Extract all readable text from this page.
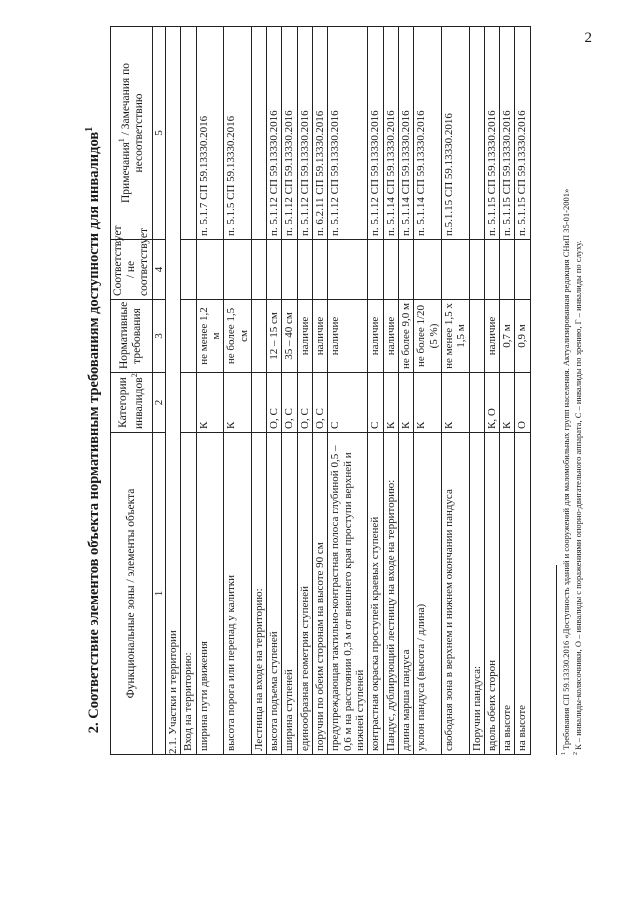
2
2. Соответствие элементов объекта нормативным требованиям доступности для инвалидов$^1$
Функциональные зоны / элементы объекта	Категории инвалидов$^2$	Нормативные требования	Соответствует / не соответствует	Примечания$^1$ / Замечания по несоответствию
1	2	3	4	5
2.1. Участки и территории				
Вход на территорию:				
ширина пути движения	К	не менее 1,2 м		п. 5.1.7 СП 59.13330.2016
высота порога или перепад у калитки	К	не более 1,5 см		п. 5.1.5 СП 59.13330.2016
Лестница на входе на территорию:				
высота подъема ступеней	О, С	12 – 15 см		п. 5.1.12 СП 59.13330.2016
ширина ступеней	О, С	35 – 40 см		п. 5.1.12 СП 59.13330.2016
единообразная геометрия ступеней	О, С	наличие		п. 5.1.12 СП 59.13330.2016
поручни по обеим сторонам на высоте 90 см	О, С	наличие		п. 6.2.11 СП 59.13330.2016
предупреждающая тактильно-контрастная полоса глубиной 0,5 – 0,6 м на расстоянии 0,3 м от внешнего края проступи верхней и нижней ступеней	С	наличие		п. 5.1.12 СП 59.13330.2016
контрастная окраска проступей краевых ступеней	С	наличие		п. 5.1.12 СП 59.13330.2016
Пандус, дублирующий лестницу на входе на территорию:	К	наличие		п. 5.1.14 СП 59.13330.2016
длина марша пандуса	К	не более 9,0 м		п. 5.1.14 СП 59.13330.2016
уклон пандуса (высота / длина)	К	не более 1/20 (5 %)		п. 5.1.14 СП 59.13330.2016
свободная зона в верхнем и нижнем окончании пандуса	К	не менее 1,5 х 1,5 м		п.5.1.15 СП 59.13330.2016
Поручни пандуса:				
вдоль обеих сторон	К, О	наличие		п. 5.1.15 СП 59.13330.2016
на высоте	К	0,7 м		п. 5.1.15 СП 59.13330.2016
на высоте	О	0,9 м		п. 5.1.15 СП 59.13330.2016
$^1$ Требования СП 59.13330.2016 «Доступность зданий и сооружений для маломобильных групп населения. Актуализированная редакция СНиП 35-01-2001»
$^2$ К – инвалиды-колясочники, О – инвалиды с поражениями опорно-двигательного аппарата, С – инвалиды по зрению, Г – инвалиды по слуху.
